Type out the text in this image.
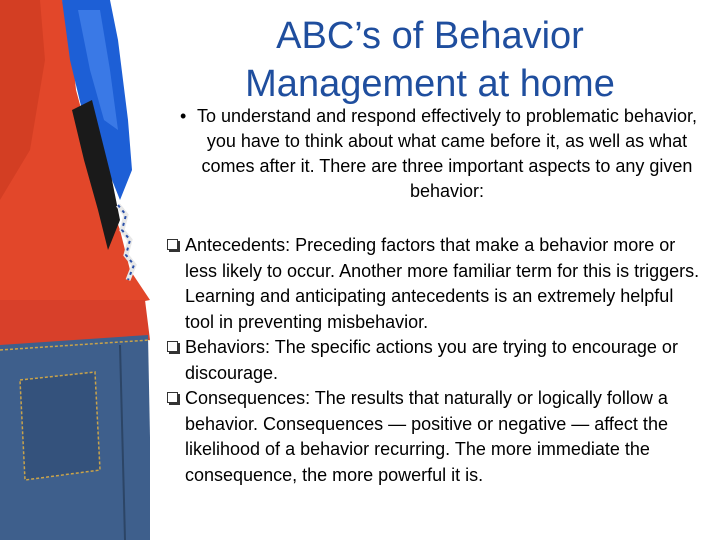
ABC’s of Behavior Management at home
• To understand and respond effectively to problematic behavior, you have to think about what came before it, as well as what comes after it. There are three important aspects to any given behavior:

Antecedents: Preceding factors that make a behavior more or less likely to occur. Another more familiar term for this is triggers. Learning and anticipating antecedents is an extremely helpful tool in preventing misbehavior.

Behaviors: The specific actions you are trying to encourage or discourage.

Consequences: The results that naturally or logically follow a behavior. Consequences — positive or negative — affect the likelihood of a behavior recurring. The more immediate the consequence, the more powerful it is.
